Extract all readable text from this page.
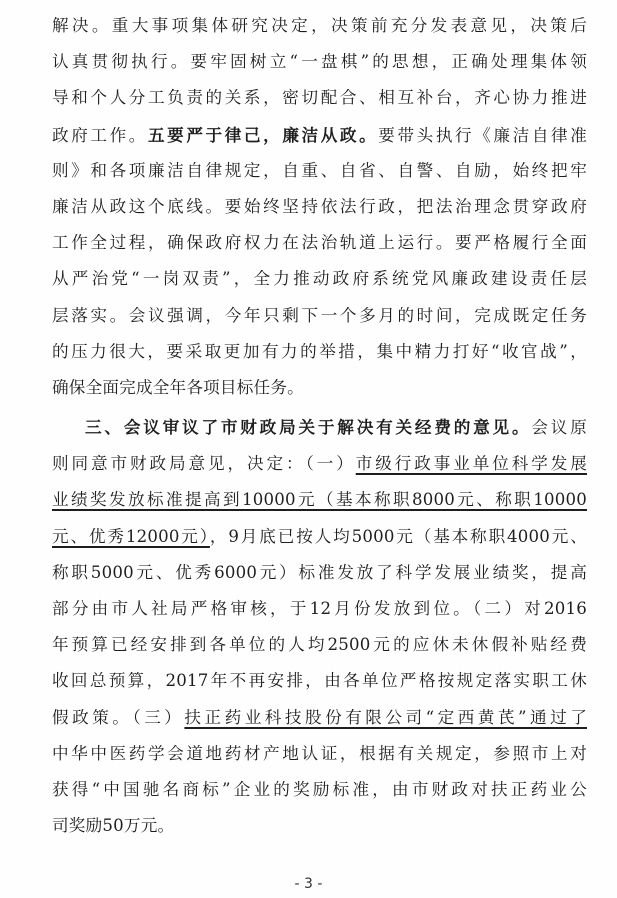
解决。重大事项集体研究决定，决策前充分发表意见，决策后
认真贯彻执行。要牢固树立“一盘棋”的思想，正确处理集体领
导和个人分工负责的关系，密切配合、相互补台，齐心协力推进
政府工作。五要严于律己，廉洁从政。要带头执行《廉洁自律准
则》和各项廉洁自律规定，自重、自省、自警、自励，始终把牢
廉洁从政这个底线。要始终坚持依法行政，把法治理念贯穿政府
工作全过程，确保政府权力在法治轨道上运行。要严格履行全面
从严治党“一岗双责”，全力推动政府系统党风廉政建设责任层
层落实。会议强调，今年只剩下一个多月的时间，完成既定任务
的压力很大，要采取更加有力的举措，集中精力打好“收官战”，
确保全面完成全年各项目标任务。
三、会议审议了市财政局关于解决有关经费的意见。会议原
则同意市财政局意见，决定：（一）市级行政事业单位科学发展
业绩奖发放标准提高到10000元（基本称职8000元、称职10000
元、优秀12000元），9月底已按人均5000元（基本称职4000元、
称职5000元、优秀6000元）标准发放了科学发展业绩奖，提高
部分由市人社局严格审核，于12月份发放到位。（二）对2016
年预算已经安排到各单位的人均2500元的应休未休假补贴经费
收回总预算，2017年不再安排，由各单位严格按规定落实职工休
假政策。（三）扶正药业科技股份有限公司“定西黄芪”通过了
中华中医药学会道地药材产地认证，根据有关规定，参照市上对
获得“中国驰名商标”企业的奖励标准，由市财政对扶正药业公
司奖励50万元。
- 3 -
